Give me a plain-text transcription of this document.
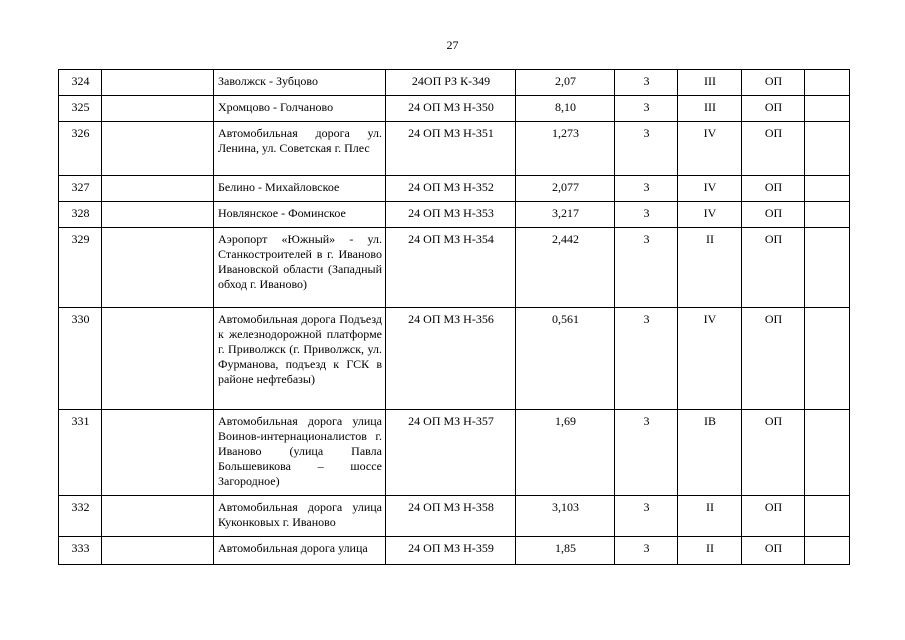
27
324		Заволжск - Зубцово	24ОП РЗ К-349	2,07	3	III	ОП	
325		Хромцово - Голчаново	24 ОП МЗ Н-350	8,10	3	III	ОП	
326		Автомобильная дорога ул. Ленина, ул. Советская г. Плес	24 ОП МЗ Н-351	1,273	3	IV	ОП	
327		Белино - Михайловское	24 ОП МЗ Н-352	2,077	3	IV	ОП	
328		Новлянское - Фоминское	24 ОП МЗ Н-353	3,217	3	IV	ОП	
329		Аэропорт «Южный» - ул. Станкостроителей в г. Иваново Ивановской области (Западный обход г. Иваново)	24 ОП МЗ Н-354	2,442	3	II	ОП	
330		Автомобильная дорога Подъезд к железнодорожной платформе г. Приволжск (г. Приволжск, ул. Фурманова, подъезд к ГСК в районе нефтебазы)	24 ОП МЗ Н-356	0,561	3	IV	ОП	
331		Автомобильная дорога улица Воинов-интернационалистов г. Иваново (улица Павла Большевикова – шоссе Загородное)	24 ОП МЗ Н-357	1,69	3	IB	ОП	
332		Автомобильная дорога улица Куконковых г. Иваново	24 ОП МЗ Н-358	3,103	3	II	ОП	
333		Автомобильная дорога улица	24 ОП МЗ Н-359	1,85	3	II	ОП	
